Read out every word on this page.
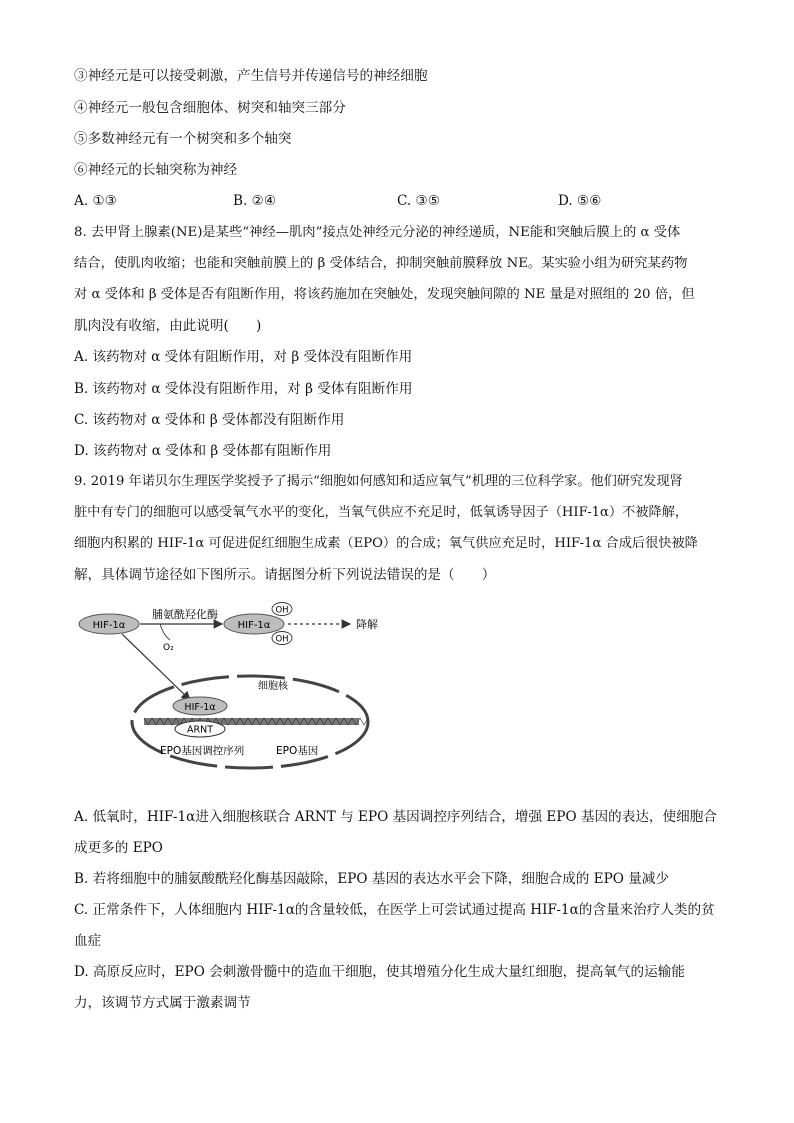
③神经元是可以接受刺激，产生信号并传递信号的神经细胞
④神经元一般包含细胞体、树突和轴突三部分
⑤多数神经元有一个树突和多个轴突
⑥神经元的长轴突称为神经
A. ①③	B. ②④	C. ③⑤	D. ⑤⑥
8. 去甲肾上腺素(NE)是某些“神经—肌肉”接点处神经元分泌的神经递质，NE能和突触后膜上的 α 受体
结合，使肌肉收缩；也能和突触前膜上的 β 受体结合，抑制突触前膜释放 NE。某实验小组为研究某药物
对 α 受体和 β 受体是否有阻断作用，将该药施加在突触处，发现突触间隙的 NE 量是对照组的 20 倍，但
肌肉没有收缩，由此说明(　　)
A. 该药物对 α 受体有阻断作用，对 β 受体没有阻断作用
B. 该药物对 α 受体没有阻断作用，对 β 受体有阻断作用
C. 该药物对 α 受体和 β 受体都没有阻断作用
D. 该药物对 α 受体和 β 受体都有阻断作用
9. 2019 年诺贝尔生理医学奖授予了揭示“细胞如何感知和适应氧气”机理的三位科学家。他们研究发现肾
脏中有专门的细胞可以感受氧气水平的变化，当氧气供应不充足时，低氧诱导因子（HIF-1α）不被降解，
细胞内积累的 HIF-1α 可促进促红细胞生成素（EPO）的合成；氧气供应充足时，HIF-1α 合成后很快被降
解，具体调节途径如下图所示。请据图分析下列说法错误的是（　　）
HIF-1α
脯氨酰羟化酶
O₂
HIF-1α
OH
OH
降解
细胞核
HIF-1α
ARNT
EPO基因调控序列	EPO基因
A. 低氧时，HIF-1α进入细胞核联合 ARNT 与 EPO 基因调控序列结合，增强 EPO 基因的表达，使细胞合
成更多的 EPO
B. 若将细胞中的脯氨酸酰羟化酶基因敲除，EPO 基因的表达水平会下降，细胞合成的 EPO 量减少
C. 正常条件下，人体细胞内 HIF-1α的含量较低，在医学上可尝试通过提高 HIF-1α的含量来治疗人类的贫
血症
D. 高原反应时，EPO 会刺激骨髓中的造血干细胞，使其增殖分化生成大量红细胞，提高氧气的运输能
力，该调节方式属于激素调节
